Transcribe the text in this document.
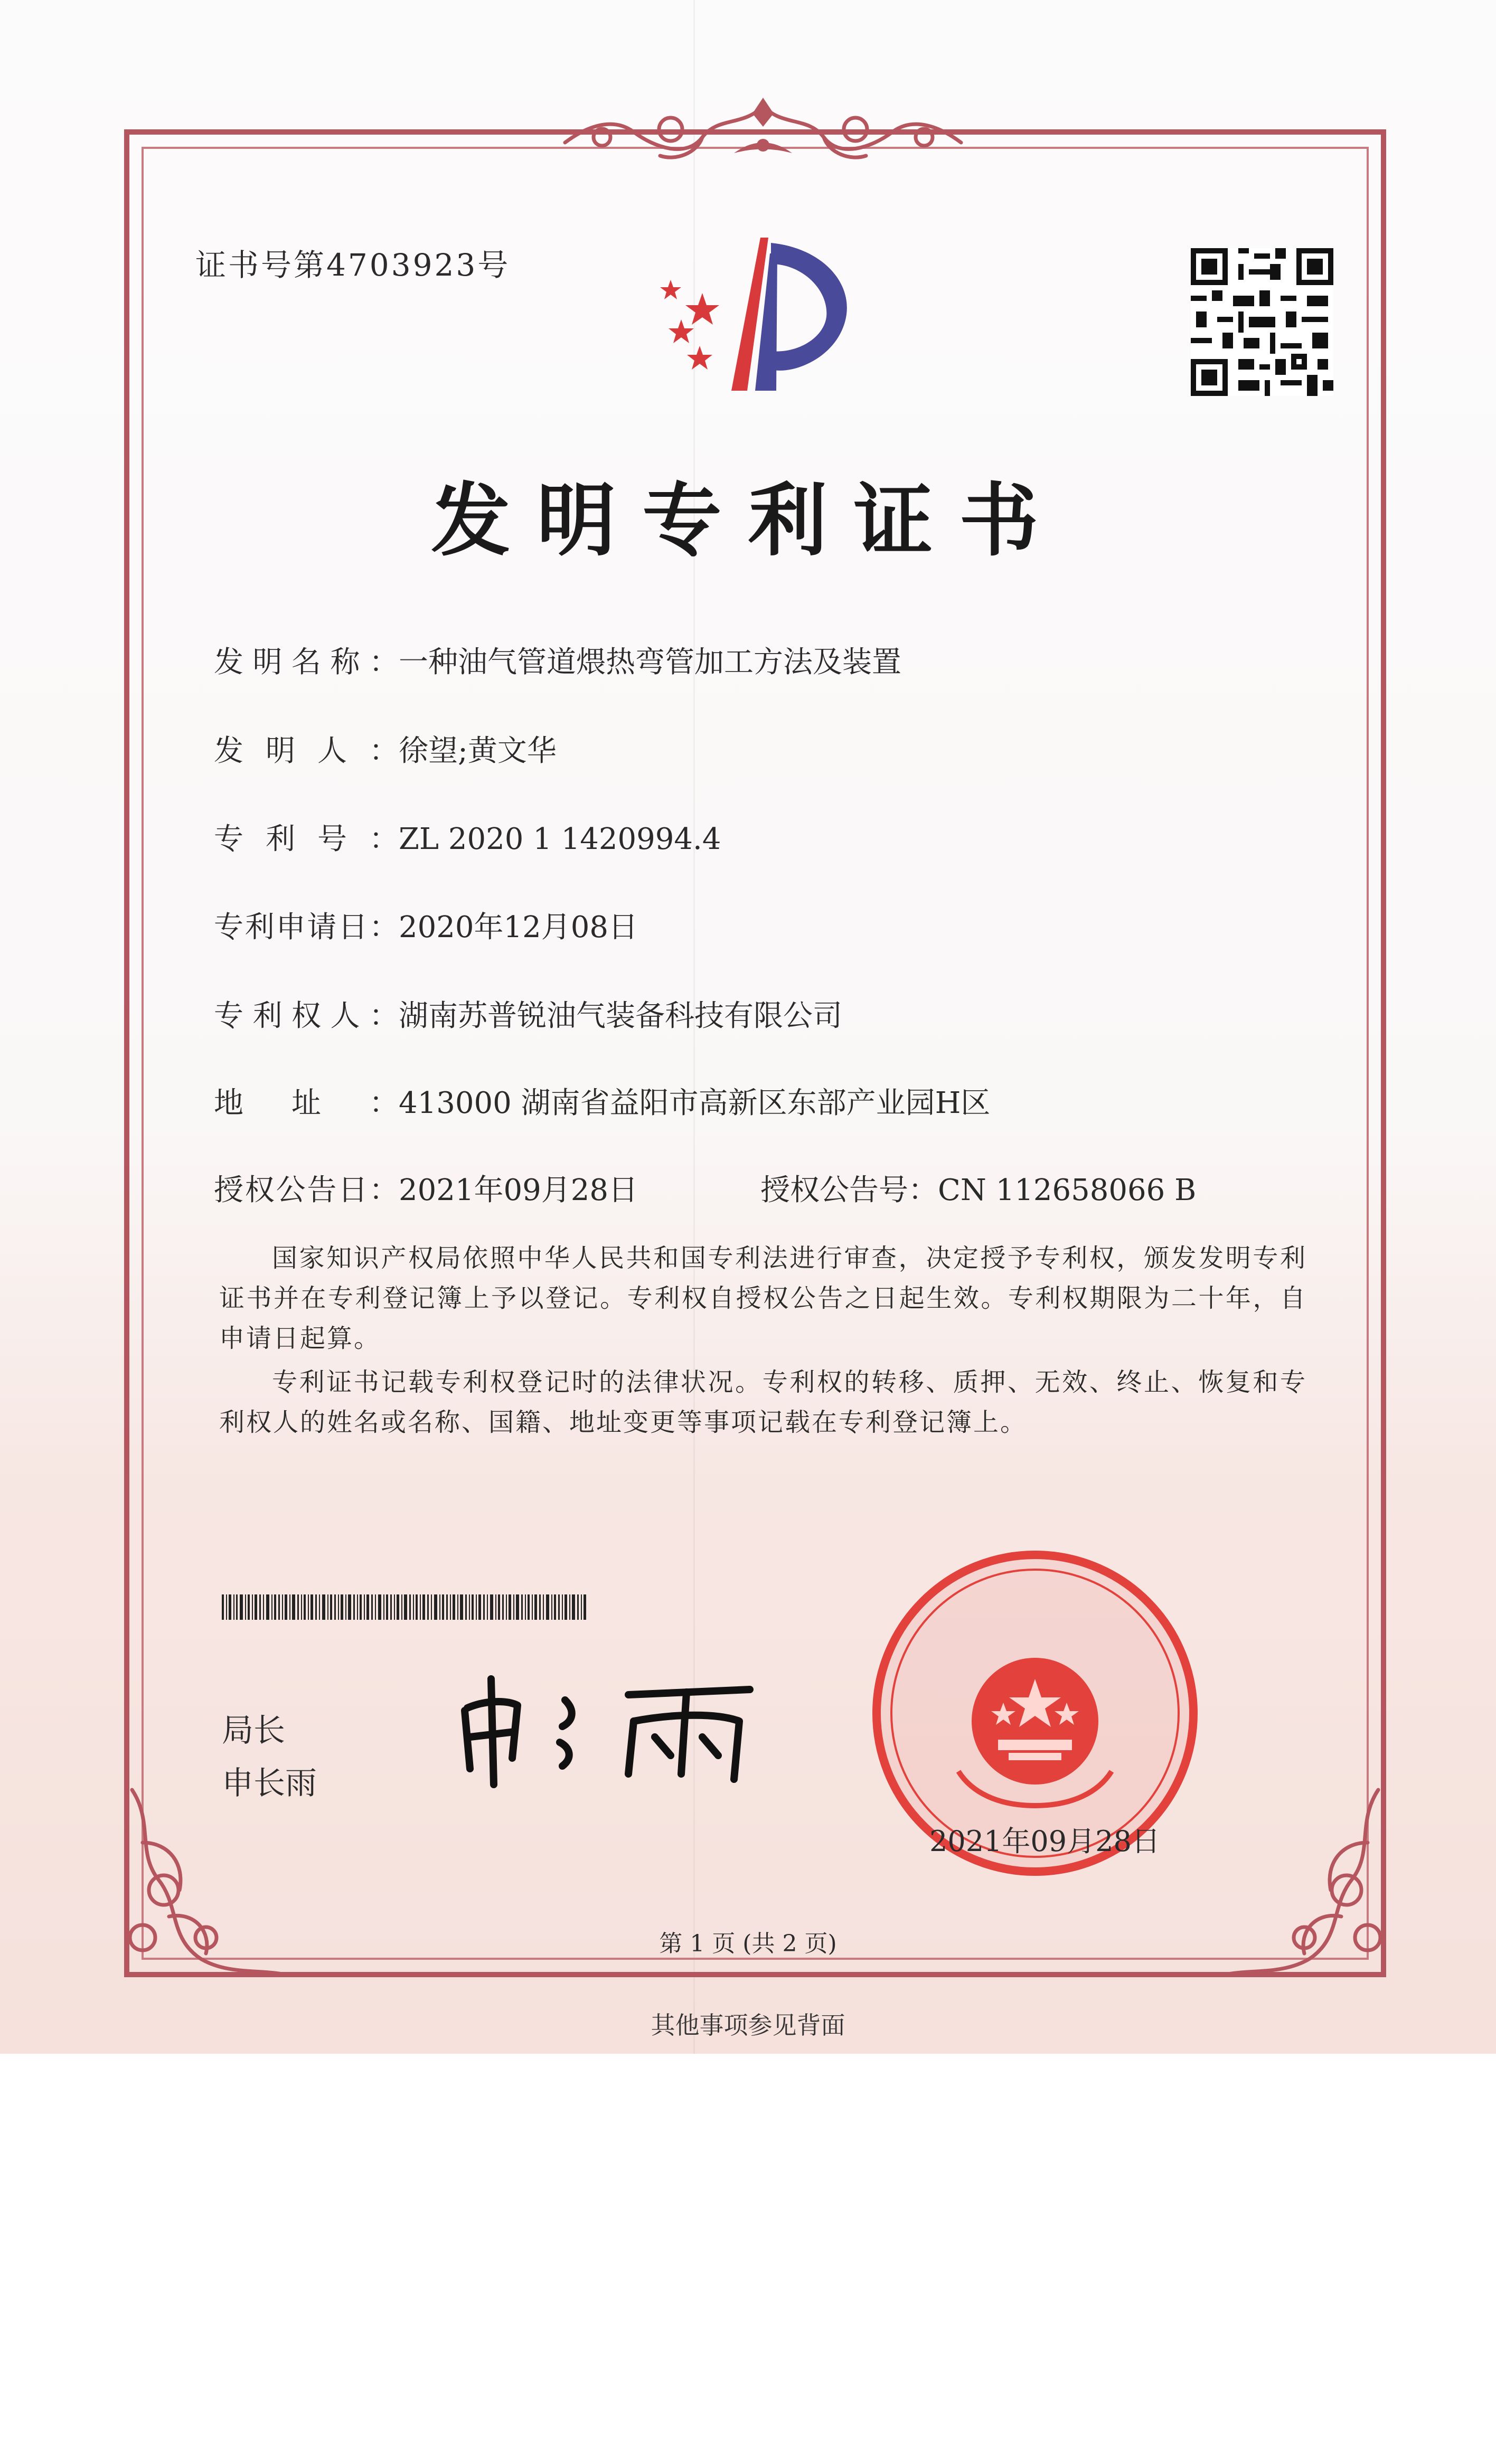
证书号第4703923号
发明专利证书
发明名称：一种油气管道煨热弯管加工方法及装置
发明人：徐望;黄文华
专利号：ZL 2020 1 1420994.4
专利申请日：2020年12月08日
专利权人：湖南苏普锐油气装备科技有限公司
地址：413000 湖南省益阳市高新区东部产业园H区
授权公告日：2021年09月28日	授权公告号：CN 112658066 B
国家知识产权局依照中华人民共和国专利法进行审查，决定授予专利权，颁发发明专利证书并在专利登记簿上予以登记。专利权自授权公告之日起生效。专利权期限为二十年，自申请日起算。
专利证书记载专利权登记时的法律状况。专利权的转移、质押、无效、终止、恢复和专利权人的姓名或名称、国籍、地址变更等事项记载在专利登记簿上。
局长
申长雨
2021年09月28日
第 1 页 (共 2 页)
其他事项参见背面
